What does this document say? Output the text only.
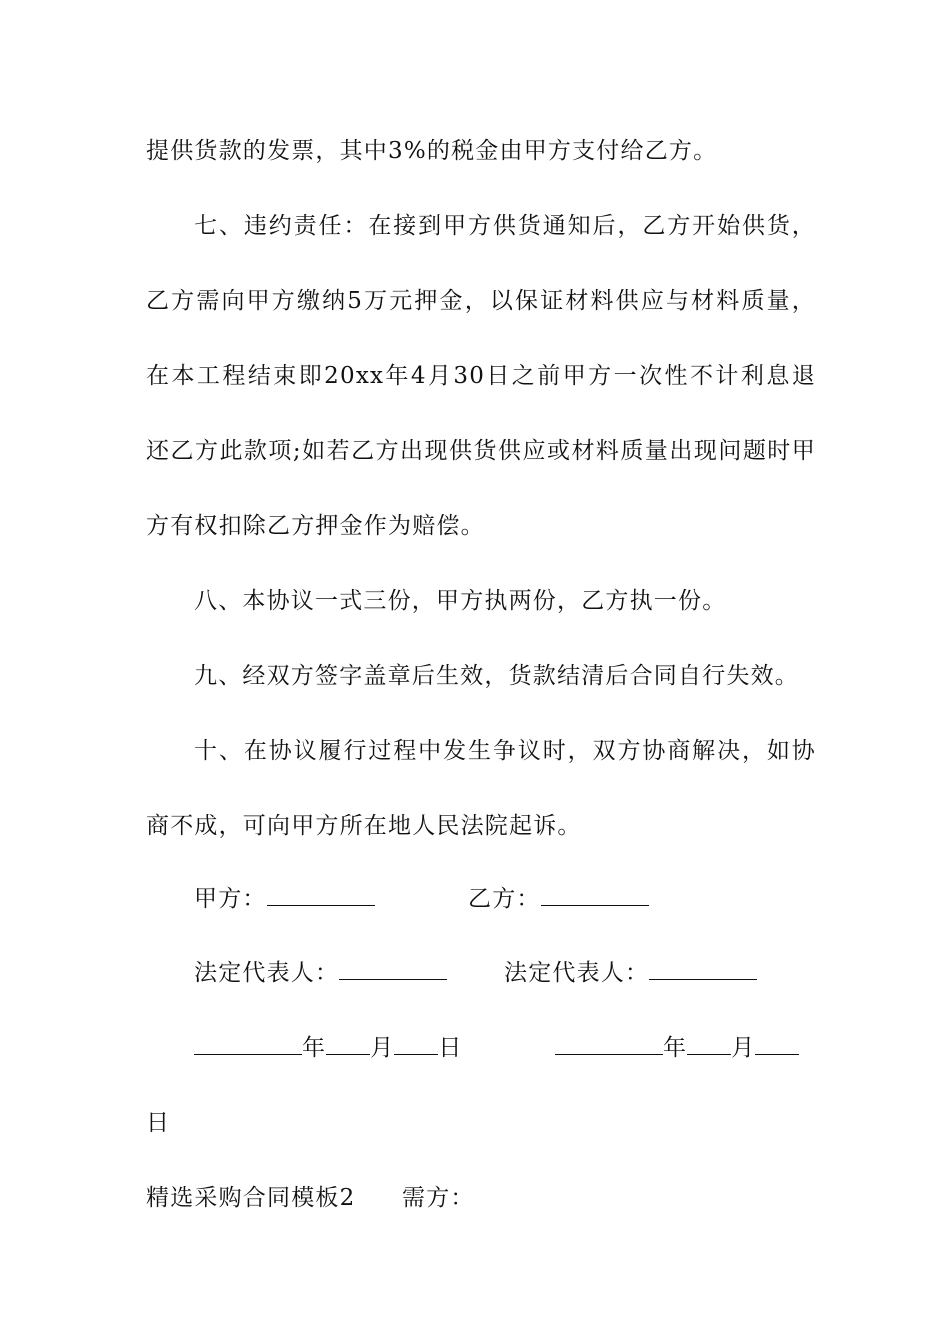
提供货款的发票，其中3%的税金由甲方支付给乙方。
七、违约责任：在接到甲方供货通知后，乙方开始供货，
乙方需向甲方缴纳5万元押金，以保证材料供应与材料质量，
在本工程结束即20xx年4月30日之前甲方一次性不计利息退
还乙方此款项;如若乙方出现供货供应或材料质量出现问题时甲
方有权扣除乙方押金作为赔偿。
八、本协议一式三份，甲方执两份，乙方执一份。
九、经双方签字盖章后生效，货款结清后合同自行失效。
十、在协议履行过程中发生争议时，双方协商解决，如协
商不成，可向甲方所在地人民法院起诉。
甲方：	乙方：
法定代表人：	法定代表人：
年 月 日	年 月
日
精选采购合同模板2 需方：
